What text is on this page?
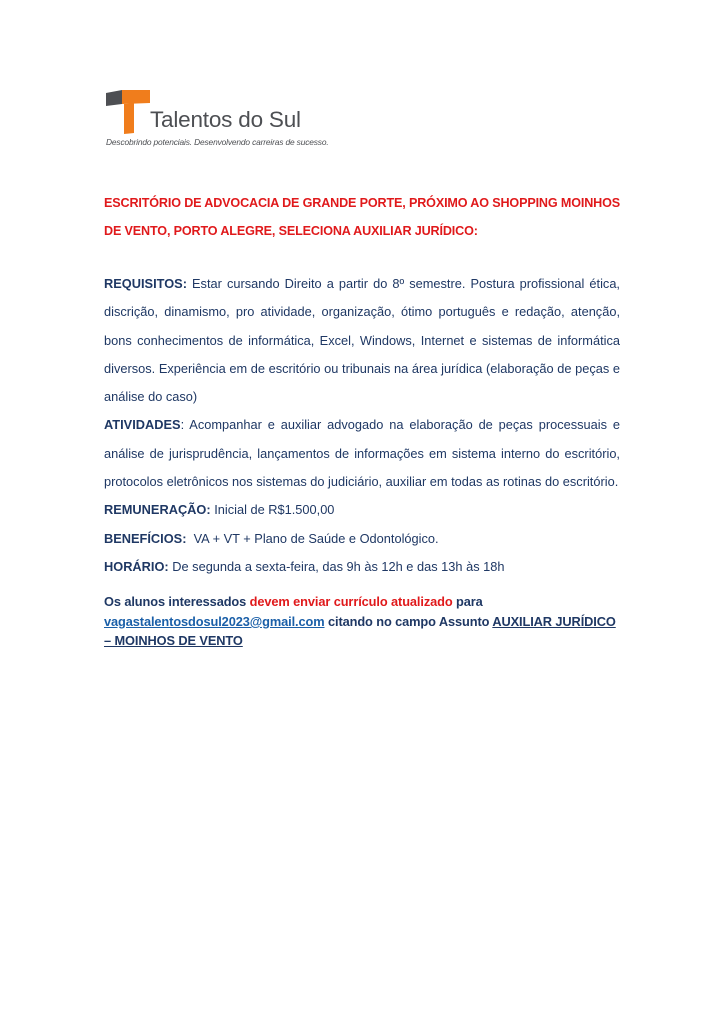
Talentos do Sul
Descobrindo potenciais. Desenvolvendo carreiras de sucesso.

ESCRITÓRIO DE ADVOCACIA DE GRANDE PORTE, PRÓXIMO AO SHOPPING MOINHOS DE VENTO, PORTO ALEGRE, SELECIONA AUXILIAR JURÍDICO:

REQUISITOS: Estar cursando Direito a partir do 8º semestre. Postura profissional ética, discrição, dinamismo, pro atividade, organização, ótimo português e redação, atenção, bons conhecimentos de informática, Excel, Windows, Internet e sistemas de informática diversos. Experiência em de escritório ou tribunais na área jurídica (elaboração de peças e análise do caso)

ATIVIDADES: Acompanhar e auxiliar advogado na elaboração de peças processuais e análise de jurisprudência, lançamentos de informações em sistema interno do escritório, protocolos eletrônicos nos sistemas do judiciário, auxiliar em todas as rotinas do escritório.

REMUNERAÇÃO: Inicial de R$1.500,00

BENEFÍCIOS:  VA + VT + Plano de Saúde e Odontológico.

HORÁRIO: De segunda a sexta-feira, das 9h às 12h e das 13h às 18h

Os alunos interessados devem enviar currículo atualizado para
vagastalentosdosul2023@gmail.com citando no campo Assunto AUXILIAR JURÍDICO – MOINHOS DE VENTO
